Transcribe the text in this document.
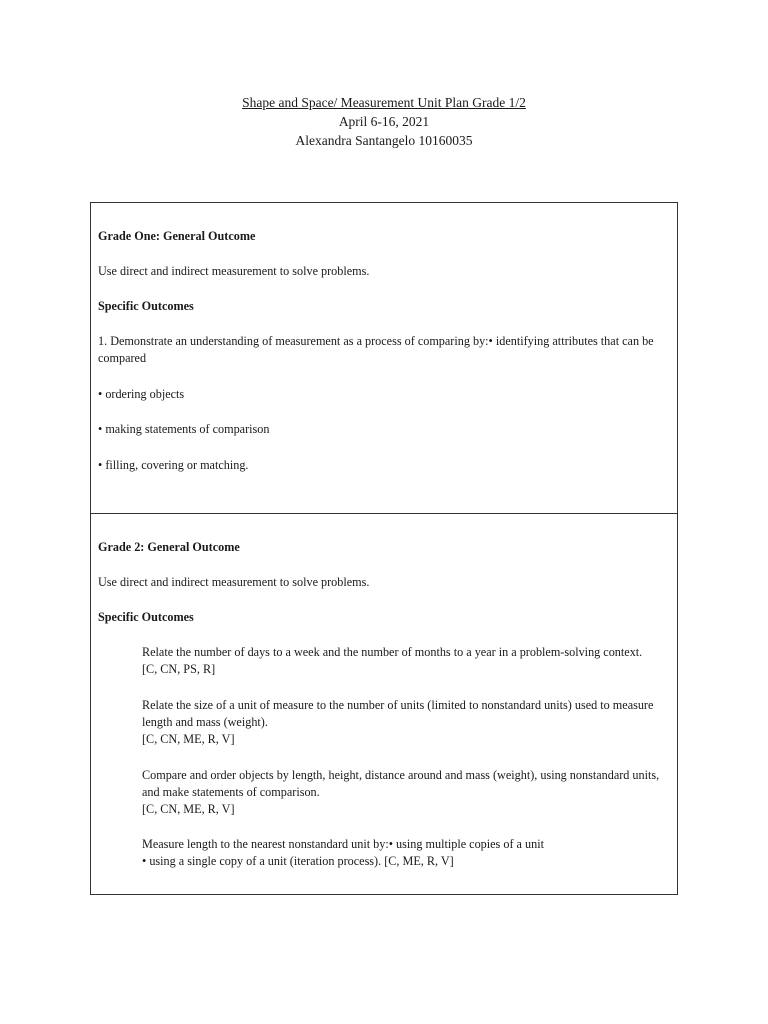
Shape and Space/ Measurement Unit Plan Grade 1/2
April 6-16, 2021
Alexandra Santangelo 10160035
Grade One: General Outcome
Use direct and indirect measurement to solve problems.
Specific Outcomes
1. Demonstrate an understanding of measurement as a process of comparing by:• identifying attributes that can be compared
• ordering objects
• making statements of comparison
• filling, covering or matching.
Grade 2: General Outcome
Use direct and indirect measurement to solve problems.
Specific Outcomes
Relate the number of days to a week and the number of months to a year in a problem-solving context.
[C, CN, PS, R]
Relate the size of a unit of measure to the number of units (limited to nonstandard units) used to measure length and mass (weight).
[C, CN, ME, R, V]
Compare and order objects by length, height, distance around and mass (weight), using nonstandard units, and make statements of comparison.
[C, CN, ME, R, V]
Measure length to the nearest nonstandard unit by:• using multiple copies of a unit
• using a single copy of a unit (iteration process). [C, ME, R, V]
